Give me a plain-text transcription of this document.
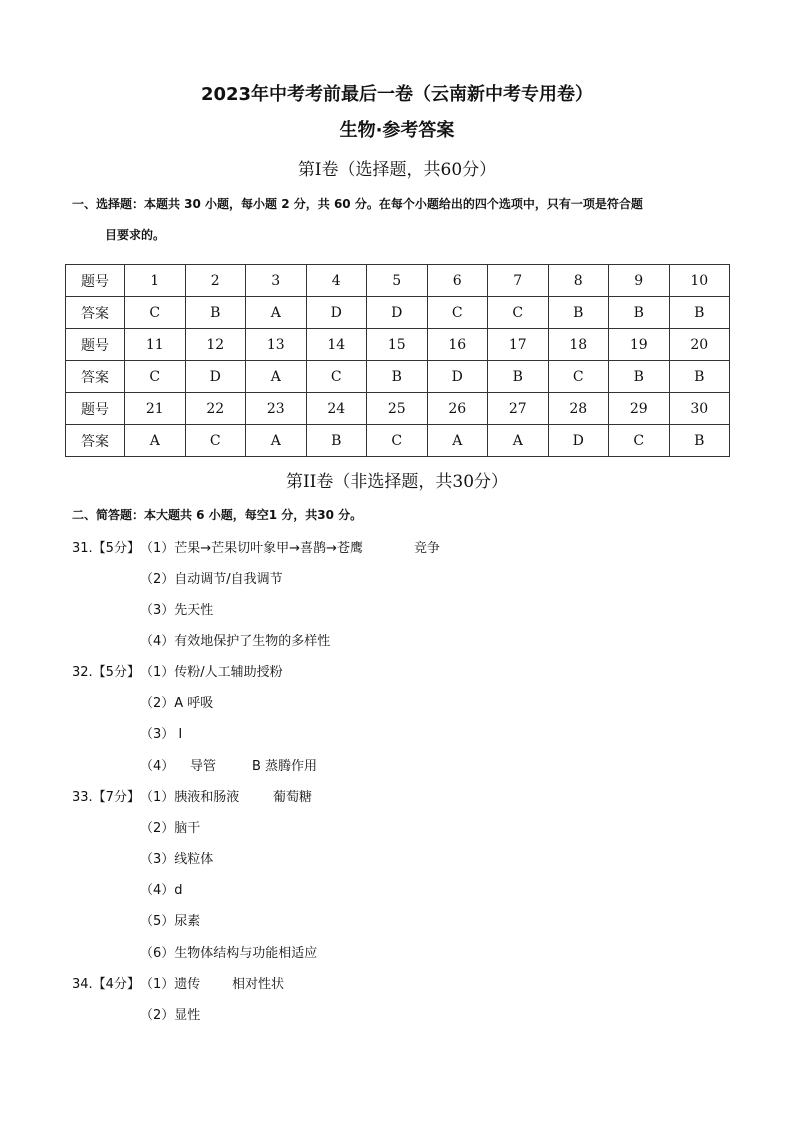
2023年中考考前最后一卷（云南新中考专用卷）
生物·参考答案
第I卷（选择题，共60分）
一、选择题：本题共 30 小题，每小题 2 分，共 60 分。在每个小题给出的四个选项中，只有一项是符合题
目要求的。
题号	1	2	3	4	5	6	7	8	9	10
答案	C	B	A	D	D	C	C	B	B	B
题号	11	12	13	14	15	16	17	18	19	20
答案	C	D	A	C	B	D	B	C	B	B
题号	21	22	23	24	25	26	27	28	29	30
答案	A	C	A	B	C	A	A	D	C	B
第II卷（非选择题，共30分）
二、简答题：本大题共 6 小题，每空1 分，共30 分。
31.【5分】 （1）芒果→芒果切叶象甲→喜鹊→苍鹰	竞争
（2）自动调节/自我调节
（3）先天性
（4）有效地保护了生物的多样性
32.【5分】 （1）传粉/人工辅助授粉
（2）A 呼吸
（3） Ⅰ
（4） 导管	B 蒸腾作用
33.【7分】 （1）胰液和肠液	葡萄糖
（2）脑干
（3）线粒体
（4）d
（5）尿素
（6）生物体结构与功能相适应
34.【4分】 （1）遗传 相对性状
（2）显性
